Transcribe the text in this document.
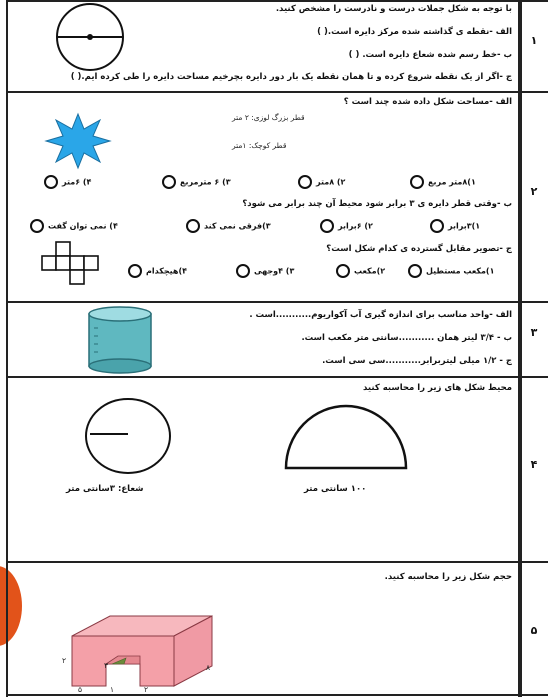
۱
۲
۳
۴
۵
با توجه به شکل جملات درست و نادرست را مشخص کنید.
الف -نقطه ی گذاشته شده مرکز دایره است.( )
ب -خط رسم شده شعاع دایره است. ( )
ج -اگر از یک نقطه شروع کرده و تا همان نقطه یک بار دور دایره بچرخیم مساحت دایره را طی کرده ایم.( )
الف -مساحت شکل داده شده چند است ؟
قطر بزرگ لوزی: ۲ متر
قطر کوچک: ۱متر
۱)۸متر مربع
۲) ۸متر
۳) ۶ مترمربع
۴) ۶متر
ب -وقتی قطر دایره ی ۳ برابر شود محیط آن چند برابر می شود؟
۱)۳برابر
۲) ۶برابر
۳)فرقی نمی کند
۴) نمی توان گفت
ج -تصویر مقابل گسترده ی کدام شکل است؟
۱)مکعب مستطیل
۲)مکعب
۳) ۴وجهی
۴)هیچکدام
الف -واحد مناسب برای اندازه گیری آب آکواریوم...........است .
ب - ۳/۴ لیتر همان ...........سانتی متر مکعب است.
ج - ۱/۲ میلی لیتربرابر...........سی سی است.
محیط شکل های زیر را محاسبه کنید
شعاع: ۳سانتی متر	۱۰۰ سانتی متر
حجم شکل زیر را محاسبه کنید.
۲
۸
۳
۵	۱	۲
